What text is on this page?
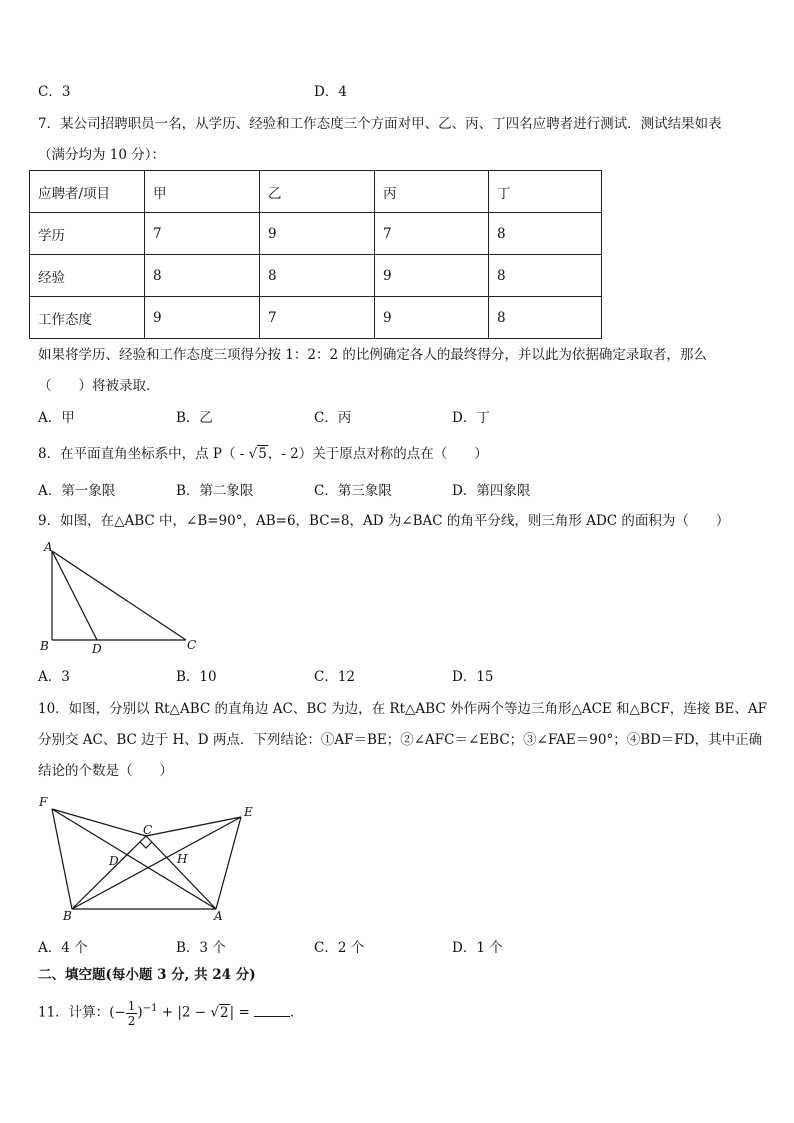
C．3	D．4
7．某公司招聘职员一名，从学历、经验和工作态度三个方面对甲、乙、丙、丁四名应聘者进行测试．测试结果如表
（满分均为 10 分）：
应聘者/项目	甲	乙	丙	丁
学历	7	9	7	8
经验	8	8	9	8
工作态度	9	7	9	8
如果将学历、经验和工作态度三项得分按 1：2：2 的比例确定各人的最终得分，并以此为依据确定录取者，那么
（　　）将被录取．
A．甲	B．乙	C．丙	D．丁
8．在平面直角坐标系中，点 P（ - √5，- 2）关于原点对称的点在（　　）
A．第一象限	B．第二象限	C．第三象限	D．第四象限
9．如图，在△ABC 中，∠B=90°，AB=6，BC=8，AD 为∠BAC 的角平分线，则三角形 ADC 的面积为（　　）
A
B	D	C
A．3	B．10	C．12	D．15
10．如图，分别以 Rt△ABC 的直角边 AC、BC 为边，在 Rt△ABC 外作两个等边三角形△ACE 和△BCF，连接 BE、AF
分别交 AC、BC 边于 H、D 两点．下列结论：①AF＝BE；②∠AFC＝∠EBC；③∠FAE＝90°；④BD＝FD，其中正确
结论的个数是（　　）
F
C
E
D	H
B	A
A．4 个	B．3 个	C．2 个	D．1 个
二、填空题(每小题 3 分, 共 24 分)
11．计算：(− $\frac{1}{2} )^{-1} + |2 - √2|$ =	．
